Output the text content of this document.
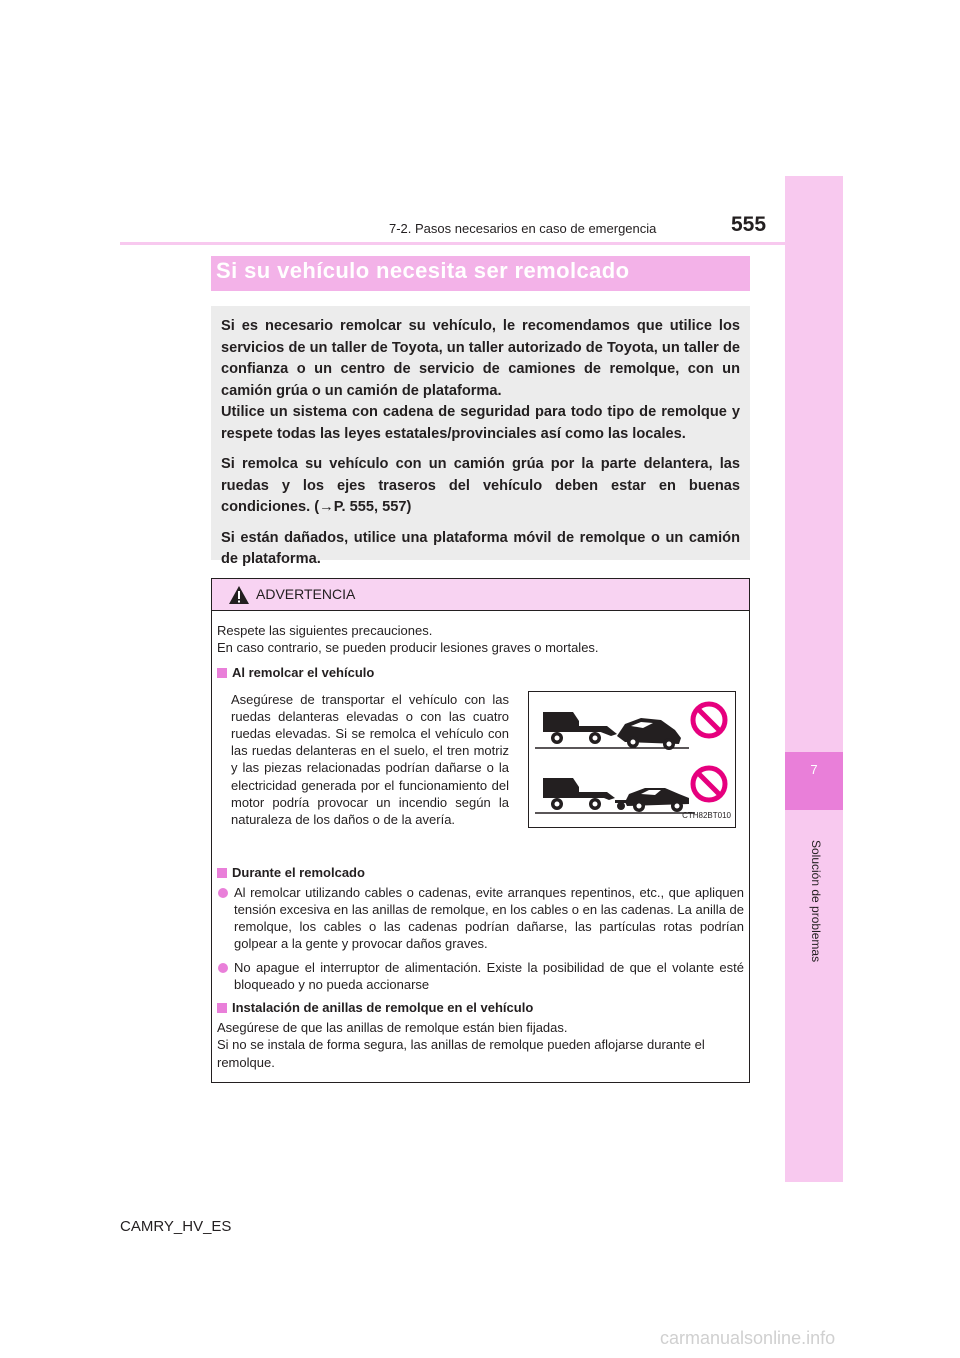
7
Solución de problemas
7-2. Pasos necesarios en caso de emergencia	555
Si su vehículo necesita ser remolcado

Si es necesario remolcar su vehículo, le recomendamos que utilice los servicios de un taller de Toyota, un taller autorizado de Toyota, un taller de confianza o un centro de servicio de camiones de remolque, con un camión grúa o un camión de plataforma.
Utilice un sistema con cadena de seguridad para todo tipo de remolque y respete todas las leyes estatales/provinciales así como las locales.

Si remolca su vehículo con un camión grúa por la parte delantera, las ruedas y los ejes traseros del vehículo deben estar en buenas condiciones. (→P. 555, 557)

Si están dañados, utilice una plataforma móvil de remolque o un camión de plataforma.

ADVERTENCIA

Respete las siguientes precauciones.

En caso contrario, se pueden producir lesiones graves o mortales.

Al remolcar el vehículo

Asegúrese de transportar el vehículo con las ruedas delanteras elevadas o con las cuatro ruedas elevadas. Si se remolca el vehículo con las ruedas delanteras en el suelo, el tren motriz y las piezas relacionadas podrían dañarse o la electricidad generada por el funcionamiento del motor podría provocar un incendio según la naturaleza de los daños o de la avería.	CTH82BT010

Durante el remolcado

Al remolcar utilizando cables o cadenas, evite arranques repentinos, etc., que apliquen tensión excesiva en las anillas de remolque, en los cables o en las cadenas. La anilla de remolque, los cables o las cadenas podrían dañarse, las partículas rotas podrían golpear a la gente y provocar daños graves.

No apague el interruptor de alimentación. Existe la posibilidad de que el volante esté bloqueado y no pueda accionarse

Instalación de anillas de remolque en el vehículo

Asegúrese de que las anillas de remolque están bien fijadas.

Si no se instala de forma segura, las anillas de remolque pueden aflojarse durante el remolque.

CAMRY_HV_ES
carmanualsonline.info
